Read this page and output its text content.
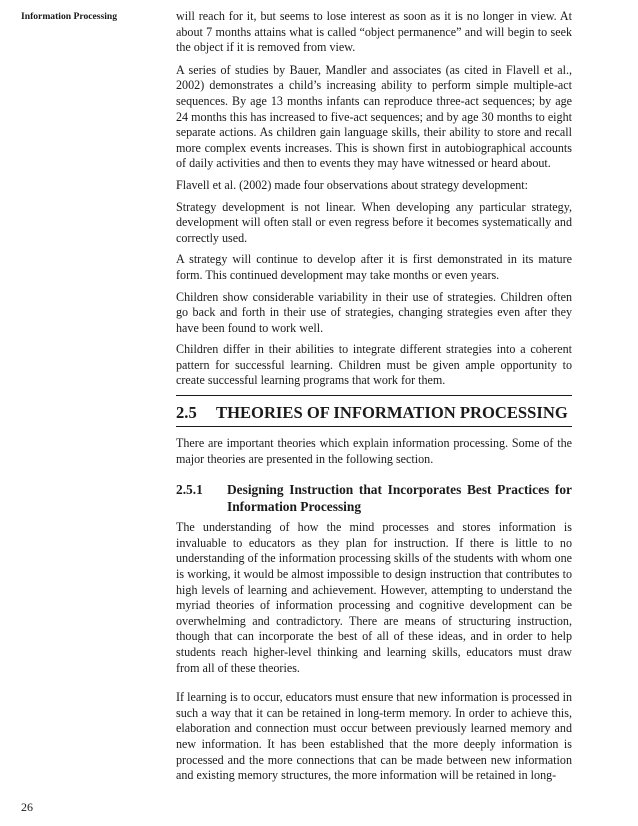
Information Processing	will reach for it, but seems to lose interest as soon as it is no longer in view. At about 7 months attains what is called “object permanence” and will begin to seek the object if it is removed from view.

A series of studies by Bauer, Mandler and associates (as cited in Flavell et al., 2002) demonstrates a child’s increasing ability to perform simple multiple-act sequences. By age 13 months infants can reproduce three-act sequences; by age 24 months this has increased to five-act sequences; and by age 30 months to eight separate actions. As children gain language skills, their ability to store and recall more complex events increases. This is shown first in autobiographical accounts of daily activities and then to events they may have witnessed or heard about.

Flavell et al. (2002) made four observations about strategy development:

Strategy development is not linear. When developing any particular strategy, development will often stall or even regress before it becomes systematically and correctly used.

A strategy will continue to develop after it is first demonstrated in its mature form. This continued development may take months or even years.

Children show considerable variability in their use of strategies. Children often go back and forth in their use of strategies, changing strategies even after they have been found to work well.

Children differ in their abilities to integrate different strategies into a coherent pattern for successful learning. Children must be given ample opportunity to create successful learning programs that work for them.

2.5	THEORIES OF INFORMATION PROCESSING

There are important theories which explain information processing. Some of the major theories are presented in the following section.

2.5.1	Designing Instruction that Incorporates Best Practices for Information Processing

The understanding of how the mind processes and stores information is invaluable to educators as they plan for instruction. If there is little to no understanding of the information processing skills of the students with whom one is working, it would be almost impossible to design instruction that contributes to high levels of learning and achievement. However, attempting to understand the myriad theories of information processing and cognitive development can be overwhelming and contradictory. There are means of structuring instruction, though that can incorporate the best of all of these ideas, and in order to help students reach higher-level thinking and learning skills, educators must draw from all of these theories.

If learning is to occur, educators must ensure that new information is processed in such a way that it can be retained in long-term memory. In order to achieve this, elaboration and connection must occur between previously learned memory and new information. It has been established that the more deeply information is processed and the more connections that can be made between new information and existing memory structures, the more information will be retained in long-

26
